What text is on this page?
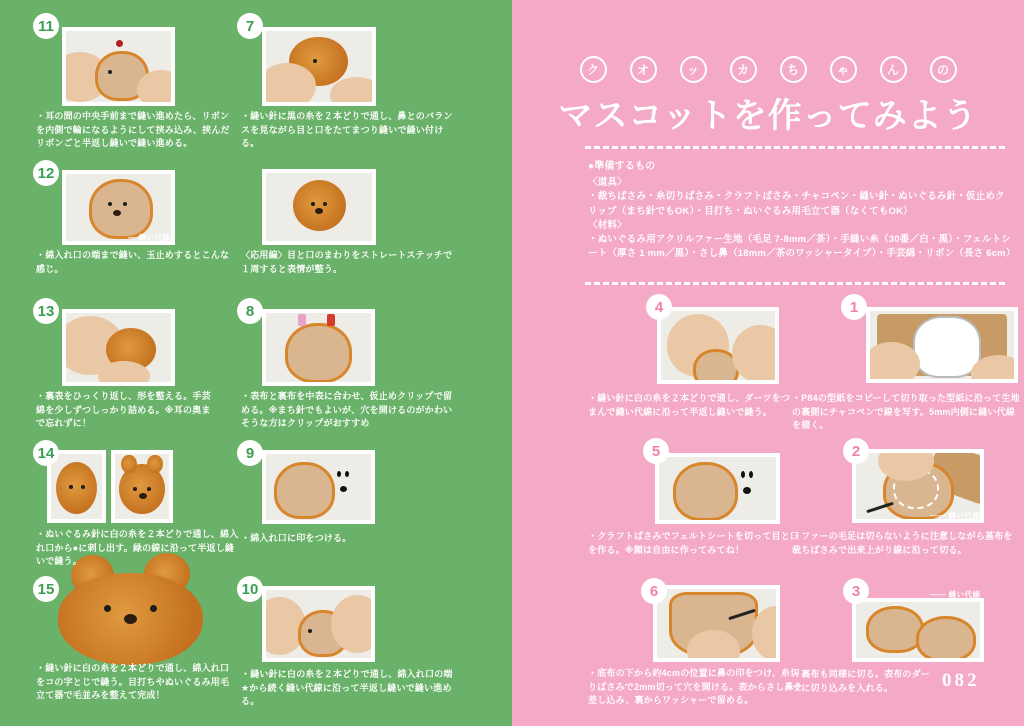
11
・耳の間の中央手前まで縫い進めたら、リボンを内側で輪になるようにして挟み込み、挟んだリボンごと半返し縫いで縫い進める。
12
― 縫い代線
・綿入れ口の端まで縫い、玉止めするとこんな感じ。
13
・裏表をひっくり返し、形を整える。手芸綿を少しずつしっかり詰める。※耳の奥まで忘れずに！
14
・ぬいぐるみ針に白の糸を２本どりで通し、綿入れ口から●に刺し出す。緑の線に沿って半返し縫いで縫う。
15
・縫い針に白の糸を２本どりで通し、綿入れ口をコの字とじで縫う。目打ちやぬいぐるみ用毛立て器で毛並みを整えて完成！
7
・縫い針に黒の糸を２本どりで通し、鼻とのバランスを見ながら目と口をたてまつり縫いで縫い付ける。
〈応用編〉目と口のまわりをストレートステッチで１周すると表情が整う。
8
・表布と裏布を中表に合わせ、仮止めクリップで留める。※まち針でもよいが、穴を開けるのがかわいそうな方はクリップがおすすめ
9
・綿入れ口に印をつける。
10
・縫い針に白の糸を２本どりで通し、綿入れ口の端★から続く縫い代線に沿って半返し縫いで縫い進める。
ク	オ	ッ	カ	ち	ゃ	ん	の
マスコットを作ってみよう
●準備するもの
〈道具〉
・裁ちばさみ・糸切りばさみ・クラフトばさみ・チャコペン・縫い針・ぬいぐるみ針・仮止めクリップ（まち針でもOK）・目打ち・ぬいぐるみ用毛立て器（なくてもOK）
〈材料〉
・ぬいぐるみ用アクリルファー生地（毛足 7-8mm／茶）・手縫い糸（30番／白・黒）・フェルトシート（厚さ 1 mm／黒）・さし鼻（18mm／茶のワッシャータイプ）・手芸綿・リボン（長さ 6cm）
4
・縫い針に白の糸を２本どりで通し、ダーツをつまんで縫い代線に沿って半返し縫いで縫う。
1
・P84の型紙をコピーして切り取った型紙に沿って生地の裏側にチャコペンで線を写す。5mm内側に縫い代線を描く。
5
・クラフトばさみでフェルトシートを切って目と口を作る。※顔は自由に作ってみてね！
2
―― 縫い代線
・ファーの毛足は切らないように注意しながら基布を裁ちばさみで出来上がり線に沿って切る。
6
・底布の下から約4cmの位置に鼻の印をつけ、糸切りばさみで2mm切って穴を開ける。表からさし鼻を差し込み、裏からワッシャーで留める。
3	―― 縫い代線
・裏布も同様に切る。表布のダーツに切り込みを入れる。	082
